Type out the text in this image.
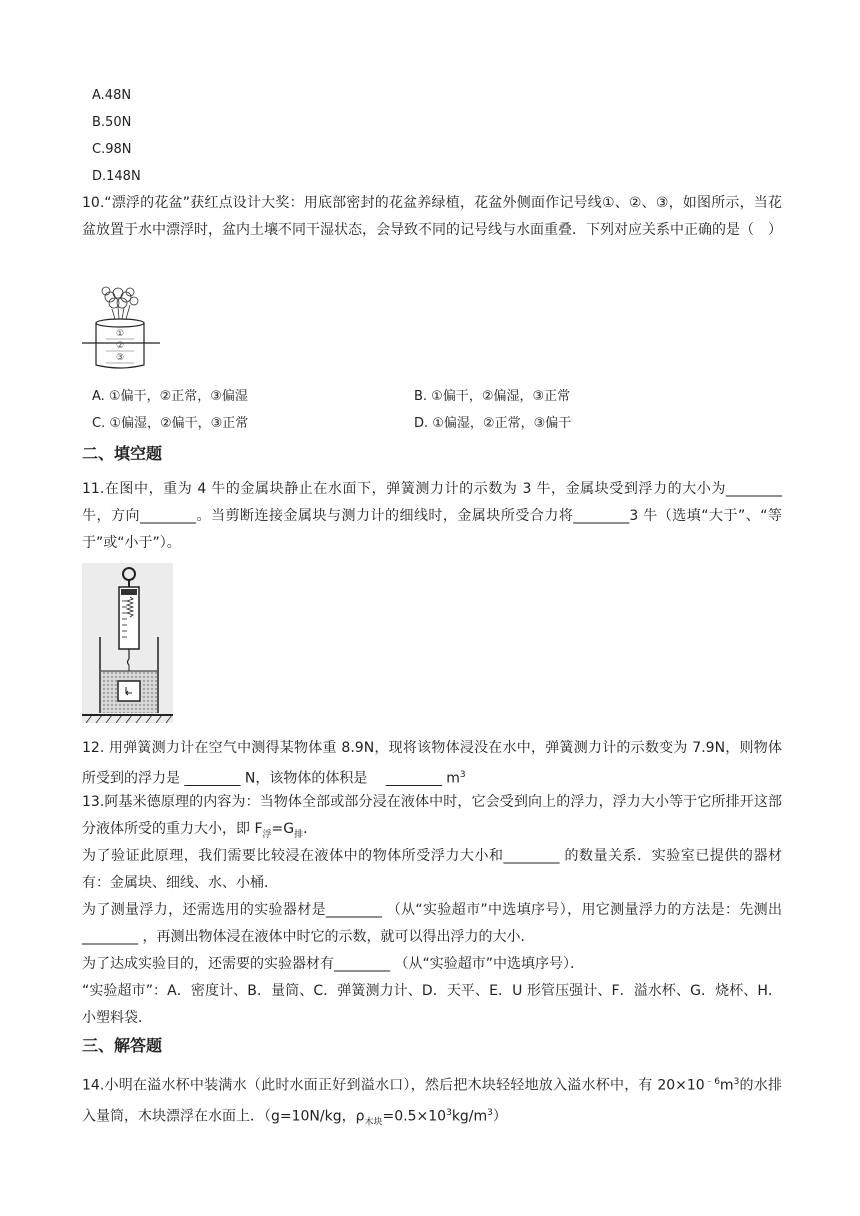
A.48N
B.50N
C.98N
D.148N
10.“漂浮的花盆”获红点设计大奖：用底部密封的花盆养绿植，花盆外侧面作记号线①、②、③，如图所示，当花盆放置于水中漂浮时，盆内土壤不同干湿状态，会导致不同的记号线与水面重叠．下列对应关系中正确的是（　）
①
②
③
A. ①偏干，②正常，③偏湿	B. ①偏干，②偏湿，③正常
C. ①偏湿，②偏干，③正常	D. ①偏湿，②正常，③偏干
二、填空题
11.在图中，重为 4 牛的金属块静止在水面下，弹簧测力计的示数为 3 牛，金属块受到浮力的大小为________牛，方向________。当剪断连接金属块与测力计的细线时，金属块所受合力将________3 牛（选填“大于”、“等于”或“小于”）。
12. 用弹簧测力计在空气中测得某物体重 8.9N，现将该物体浸没在水中，弹簧测力计的示数变为 7.9N，则物体所受到的浮力是 ________ N，该物体的体积是　 ________ $m^3$
13.阿基米德原理的内容为：当物体全部或部分浸在液体中时，它会受到向上的浮力，浮力大小等于它所排开这部分液体所受的重力大小，即 $F_浮=G_排$．
为了验证此原理，我们需要比较浸在液体中的物体所受浮力大小和________ 的数量关系．实验室已提供的器材有：金属块、细线、水、小桶．
为了测量浮力，还需选用的实验器材是________ （从“实验超市”中选填序号），用它测量浮力的方法是：先测出________ ，再测出物体浸在液体中时它的示数，就可以得出浮力的大小．
为了达成实验目的，还需要的实验器材有________ （从“实验超市”中选填序号）．
“实验超市”：A．密度计、B．量筒、C．弹簧测力计、D．天平、E．U 形管压强计、F．溢水杯、G．烧杯、H．小塑料袋．
三、解答题
14.小明在溢水杯中装满水（此时水面正好到溢水口），然后把木块轻轻地放入溢水杯中，有 $20\times 10^{﹣6}m^3$的水排入量筒，木块漂浮在水面上．（g=10N/kg，$\rho_{木块}=0.5\times 10^3kg/m^3$）
